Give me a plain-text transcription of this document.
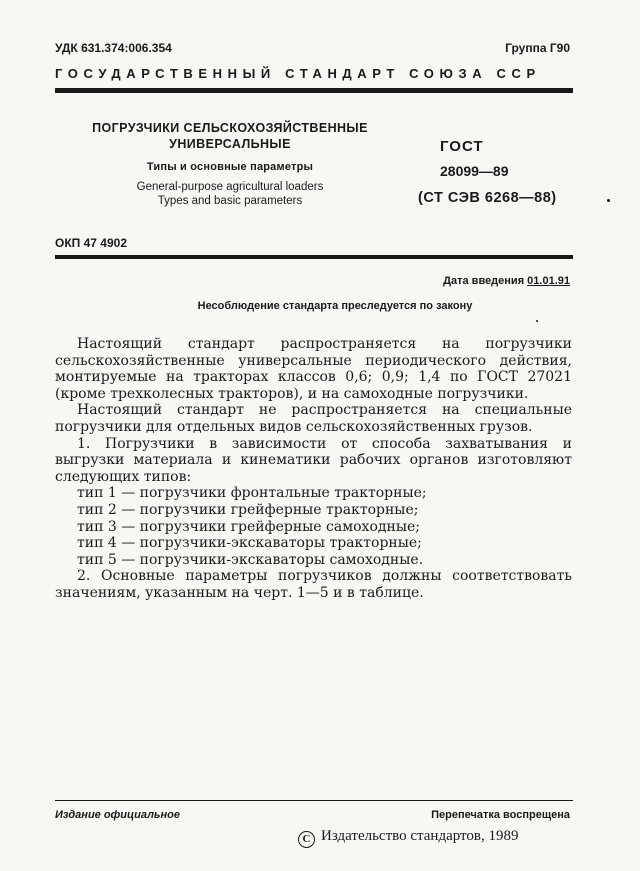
УДК 631.374:006.354	Группа Г90
ГОСУДАРСТВЕННЫЙ СТАНДАРТ СОЮЗА ССР
ПОГРУЗЧИКИ СЕЛЬСКОХОЗЯЙСТВЕННЫЕ
УНИВЕРСАЛЬНЫЕ
Типы и основные параметры
General-purpose agricultural loaders
Types and basic parameters
ГОСТ
28099—89
(СТ СЭВ 6268—88)
ОКП 47 4902
Дата введения 01.01.91
Несоблюдение стандарта преследуется по закону

Настоящий стандарт распространяется на погрузчики сельскохозяйственные универсальные периодического действия, монтируемые на тракторах классов 0,6; 0,9; 1,4 по ГОСТ 27021 (кроме трехколесных тракторов), и на самоходные погрузчики.

Настоящий стандарт не распространяется на специальные погрузчики для отдельных видов сельскохозяйственных грузов.

1. Погрузчики в зависимости от способа захватывания и выгрузки материала и кинематики рабочих органов изготовляют следующих типов:

тип 1 — погрузчики фронтальные тракторные;

тип 2 — погрузчики грейферные тракторные;

тип 3 — погрузчики грейферные самоходные;

тип 4 — погрузчики-экскаваторы тракторные;

тип 5 — погрузчики-экскаваторы самоходные.

2. Основные параметры погрузчиков должны соответствовать значениям, указанным на черт. 1—5 и в таблице.

Издание официальное	Перепечатка воспрещена
С Издательство стандартов, 1989
